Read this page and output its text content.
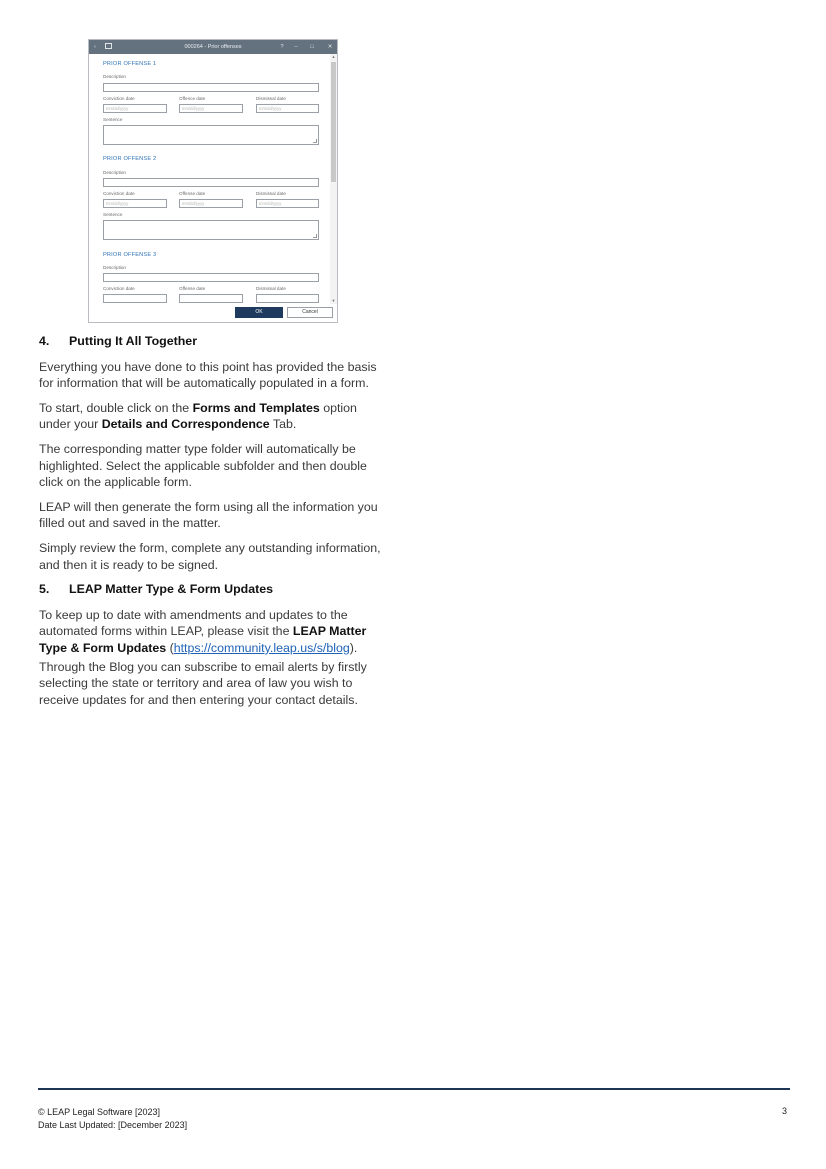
‹	000264 - Prior offenses	?	–	□	✕
▲
▼
PRIOR OFFENSE 1
Description
Conviction date	Offence date	Dismissal date
mm/dd/yyyy	mm/dd/yyyy	mm/dd/yyyy
Sentence
PRIOR OFFENSE 2
Description
Conviction date	Offense date	Dismissal date
mm/dd/yyyy	mm/dd/yyyy	mm/dd/yyyy
Sentence
PRIOR OFFENSE 3
Description
Conviction date	Offense date	Dismissal date
OK	Cancel
4. Putting It All Together

Everything you have done to this point has provided the basis for information that will be automatically populated in a form.

To start, double click on the Forms and Templates option under your Details and Correspondence Tab.

The corresponding matter type folder will automatically be highlighted. Select the applicable subfolder and then double click on the applicable form.

LEAP will then generate the form using all the information you filled out and saved in the matter.

Simply review the form, complete any outstanding information, and then it is ready to be signed.

5. LEAP Matter Type & Form Updates

To keep up to date with amendments and updates to the automated forms within LEAP, please visit the LEAP Matter Type & Form Updates (https://community.leap.us/s/blog).

Through the Blog you can subscribe to email alerts by firstly selecting the state or territory and area of law you wish to receive updates for and then entering your contact details.

© LEAP Legal Software [2023]
Date Last Updated: [December 2023]
3
